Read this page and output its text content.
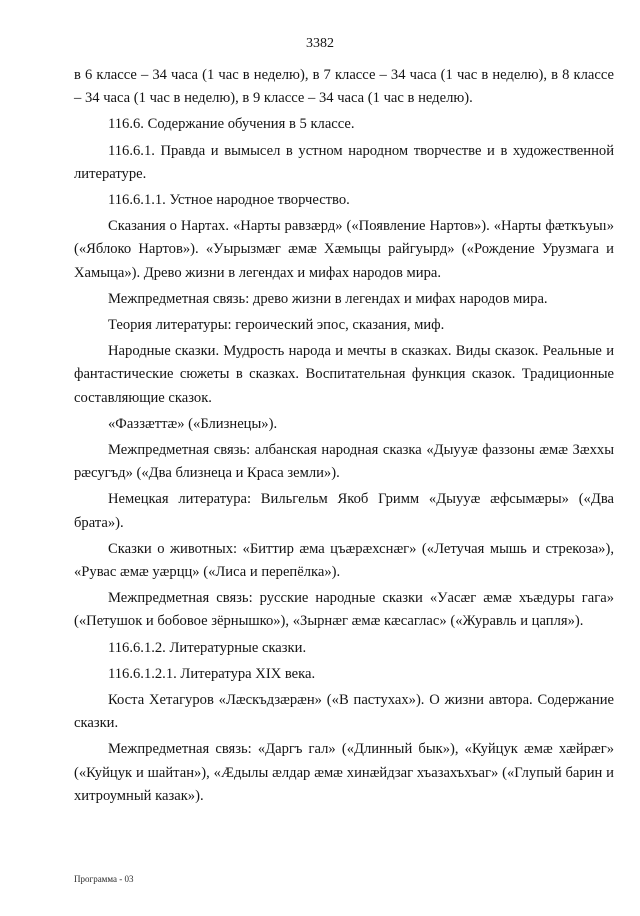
3382

в 6 классе – 34 часа (1 час в неделю), в 7 классе – 34 часа (1 час в неделю), в 8 классе – 34 часа (1 час в неделю), в 9 классе – 34 часа (1 час в неделю).

116.6. Содержание обучения в 5 классе.

116.6.1. Правда и вымысел в устном народном творчестве и в художественной литературе.

116.6.1.1. Устное народное творчество.

Сказания о Нартах. «Нарты равзæрд» («Появление Нартов»). «Нарты фæткъуыı» («Яблоко Нартов»). «Уырызмæг æмæ Хæмыцы райгуырд» («Рождение Урузмага и Хамыца»). Древо жизни в легендах и мифах народов мира.

Межпредметная связь: древо жизни в легендах и мифах народов мира.

Теория литературы: героический эпос, сказания, миф.

Народные сказки. Мудрость народа и мечты в сказках. Виды сказок. Реальные и фантастические сюжеты в сказках. Воспитательная функция сказок. Традиционные составляющие сказок.

«Фаззæттæ» («Близнецы»).

Межпредметная связь: албанская народная сказка «Дыууæ фаззоны æмæ Зæххы рæсугъд» («Два близнеца и Краса земли»).

Немецкая литература: Вильгельм Якоб Гримм «Дыууæ æфсымæры» («Два брата»).

Сказки о животных: «Биттир æма цъæрæхснæг» («Летучая мышь и стрекоза»), «Рувас æмæ уæрцц» («Лиса и перепёлка»).

Межпредметная связь: русские народные сказки «Уасæг æмæ хъæдуры гага» («Петушок и бобовое зёрнышко»), «Зырнæг æмæ кæсаглас» («Журавль и цапля»).

116.6.1.2. Литературные сказки.

116.6.1.2.1. Литература XIX века.

Коста Хетагуров «Лæскъдзæрæн» («В пастухах»). О жизни автора. Содержание сказки.

Межпредметная связь: «Даргъ гал» («Длинный бык»), «Куйцук æмæ хæйрæг» («Куйцук и шайтан»), «Ӕдылы æлдар æмæ хинæйдзаг хъазахъхъаг» («Глупый барин и хитроумный казак»).

Программа - 03
